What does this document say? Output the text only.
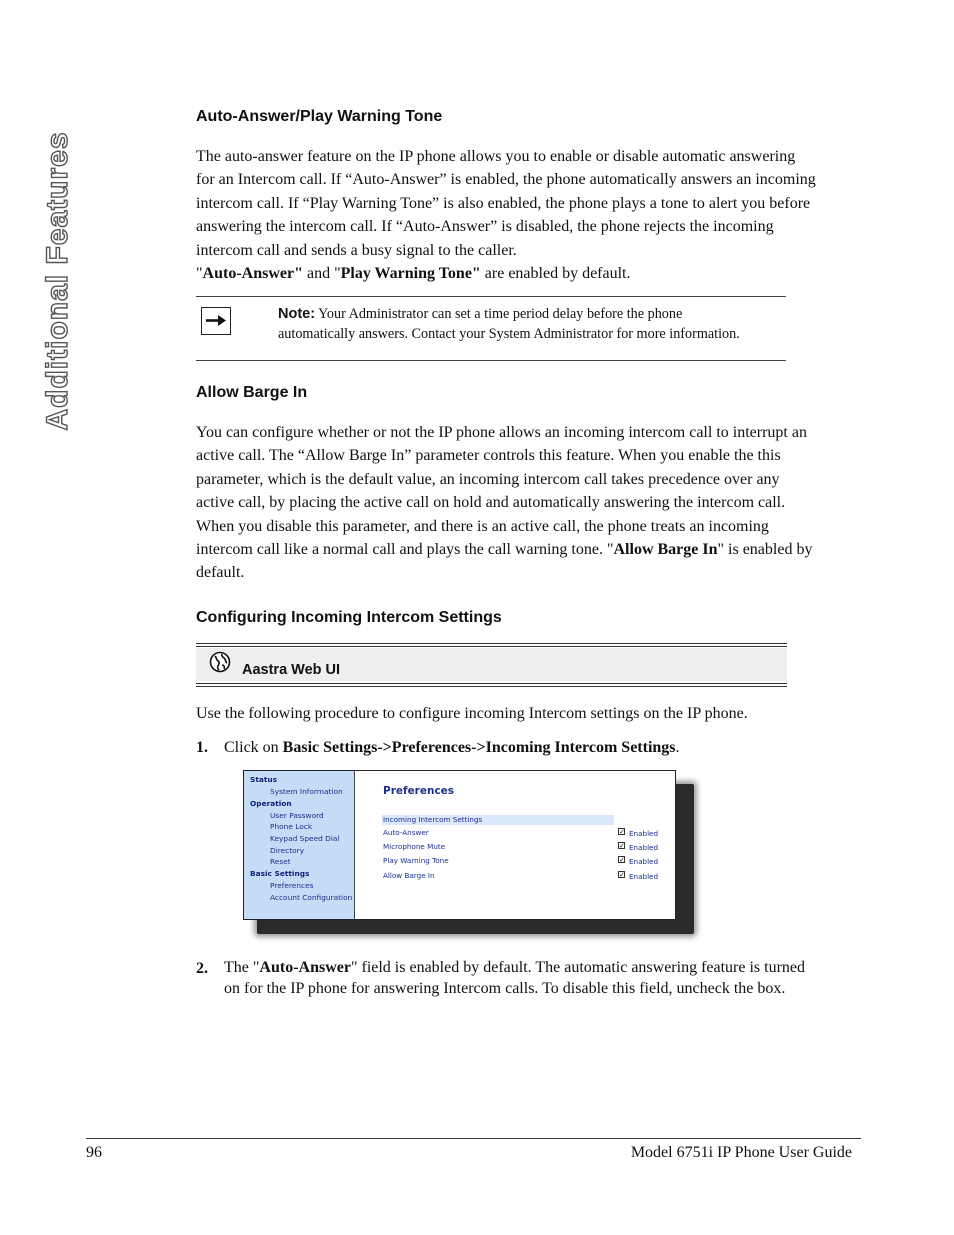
Additional Features
Auto-Answer/Play Warning Tone
The auto-answer feature on the IP phone allows you to enable or disable automatic answering
for an Intercom call. If “Auto-Answer” is enabled, the phone automatically answers an incoming
intercom call. If “Play Warning Tone” is also enabled, the phone plays a tone to alert you before
answering the intercom call. If “Auto-Answer” is disabled, the phone rejects the incoming
intercom call and sends a busy signal to the caller.
"Auto-Answer" and "Play Warning Tone" are enabled by default.
Note: Your Administrator can set a time period delay before the phone
automatically answers. Contact your System Administrator for more information.
Allow Barge In
You can configure whether or not the IP phone allows an incoming intercom call to interrupt an
active call. The “Allow Barge In” parameter controls this feature. When you enable the this
parameter, which is the default value, an incoming intercom call takes precedence over any
active call, by placing the active call on hold and automatically answering the intercom call.
When you disable this parameter, and there is an active call, the phone treats an incoming
intercom call like a normal call and plays the call warning tone. "Allow Barge In" is enabled by
default.
Configuring Incoming Intercom Settings
Aastra Web UI
Use the following procedure to configure incoming Intercom settings on the IP phone.
1. Click on Basic Settings->Preferences->Incoming Intercom Settings.
Status
System Information
Operation
User Password
Phone Lock
Keypad Speed Dial
Directory
Reset
Basic Settings
Preferences
Account Configuration
Preferences
Incoming Intercom Settings
Auto-Answer	✓ Enabled
Microphone Mute	✓ Enabled
Play Warning Tone	✓ Enabled
Allow Barge In	✓ Enabled
2. The "Auto-Answer" field is enabled by default. The automatic answering feature is turned
on for the IP phone for answering Intercom calls. To disable this field, uncheck the box.
96	Model 6751i IP Phone User Guide
